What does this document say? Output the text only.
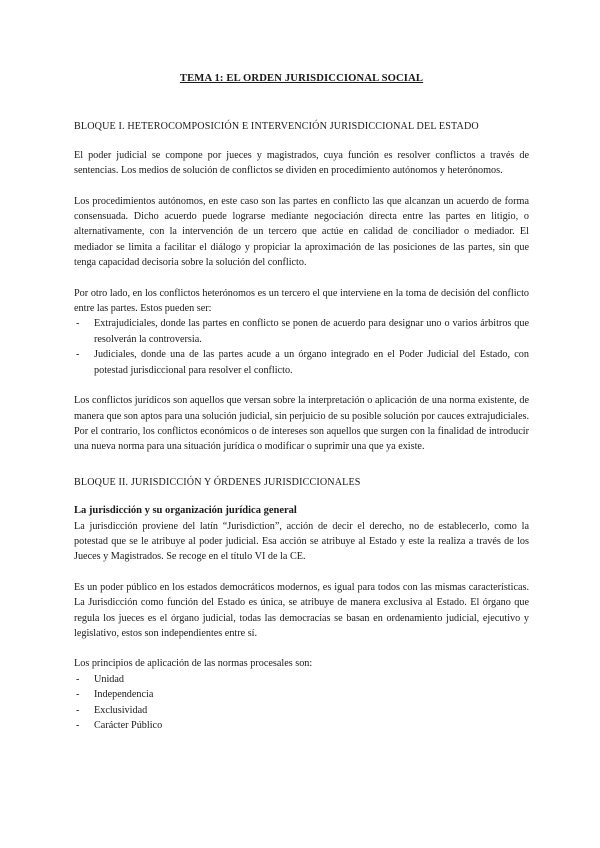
TEMA 1: EL ORDEN JURISDICCIONAL SOCIAL
BLOQUE I. HETEROCOMPOSICIÓN E INTERVENCIÓN JURISDICCIONAL DEL ESTADO

El poder judicial se compone por jueces y magistrados, cuya función es resolver conflictos a través de sentencias. Los medios de solución de conflictos se dividen en procedimiento autónomos y heterónomos.

Los procedimientos autónomos, en este caso son las partes en conflicto las que alcanzan un acuerdo de forma consensuada. Dicho acuerdo puede lograrse mediante negociación directa entre las partes en litigio, o alternativamente, con la intervención de un tercero que actúe en calidad de conciliador o mediador. El mediador se limita a facilitar el diálogo y propiciar la aproximación de las posiciones de las partes, sin que tenga capacidad decisoria sobre la solución del conflicto.

Por otro lado, en los conflictos heterónomos es un tercero el que interviene en la toma de decisión del conflicto entre las partes. Estos pueden ser:

- Extrajudiciales, donde las partes en conflicto se ponen de acuerdo para designar uno o varios árbitros que resolverán la controversia.
- Judiciales, donde una de las partes acude a un órgano integrado en el Poder Judicial del Estado, con potestad jurisdiccional para resolver el conflicto.

Los conflictos jurídicos son aquellos que versan sobre la interpretación o aplicación de una norma existente, de manera que son aptos para una solución judicial, sin perjuicio de su posible solución por cauces extrajudiciales. Por el contrario, los conflictos económicos o de intereses son aquellos que surgen con la finalidad de introducir una nueva norma para una situación jurídica o modificar o suprimir una que ya existe.

BLOQUE II. JURISDICCIÓN Y ÓRDENES JURISDICCIONALES
La jurisdicción y su organización jurídica general

La jurisdicción proviene del latín “Jurisdiction”, acción de decir el derecho, no de establecerlo, como la potestad que se le atribuye al poder judicial. Esa acción se atribuye al Estado y este la realiza a través de los Jueces y Magistrados. Se recoge en el título VI de la CE.

Es un poder público en los estados democráticos modernos, es igual para todos con las mismas características. La Jurisdicción como función del Estado es única, se atribuye de manera exclusiva al Estado. El órgano que regula los jueces es el órgano judicial, todas las democracias se basan en ordenamiento judicial, ejecutivo y legislativo, estos son independientes entre sí.

Los principios de aplicación de las normas procesales son:

- Unidad
- Independencia
- Exclusividad
- Carácter Público
